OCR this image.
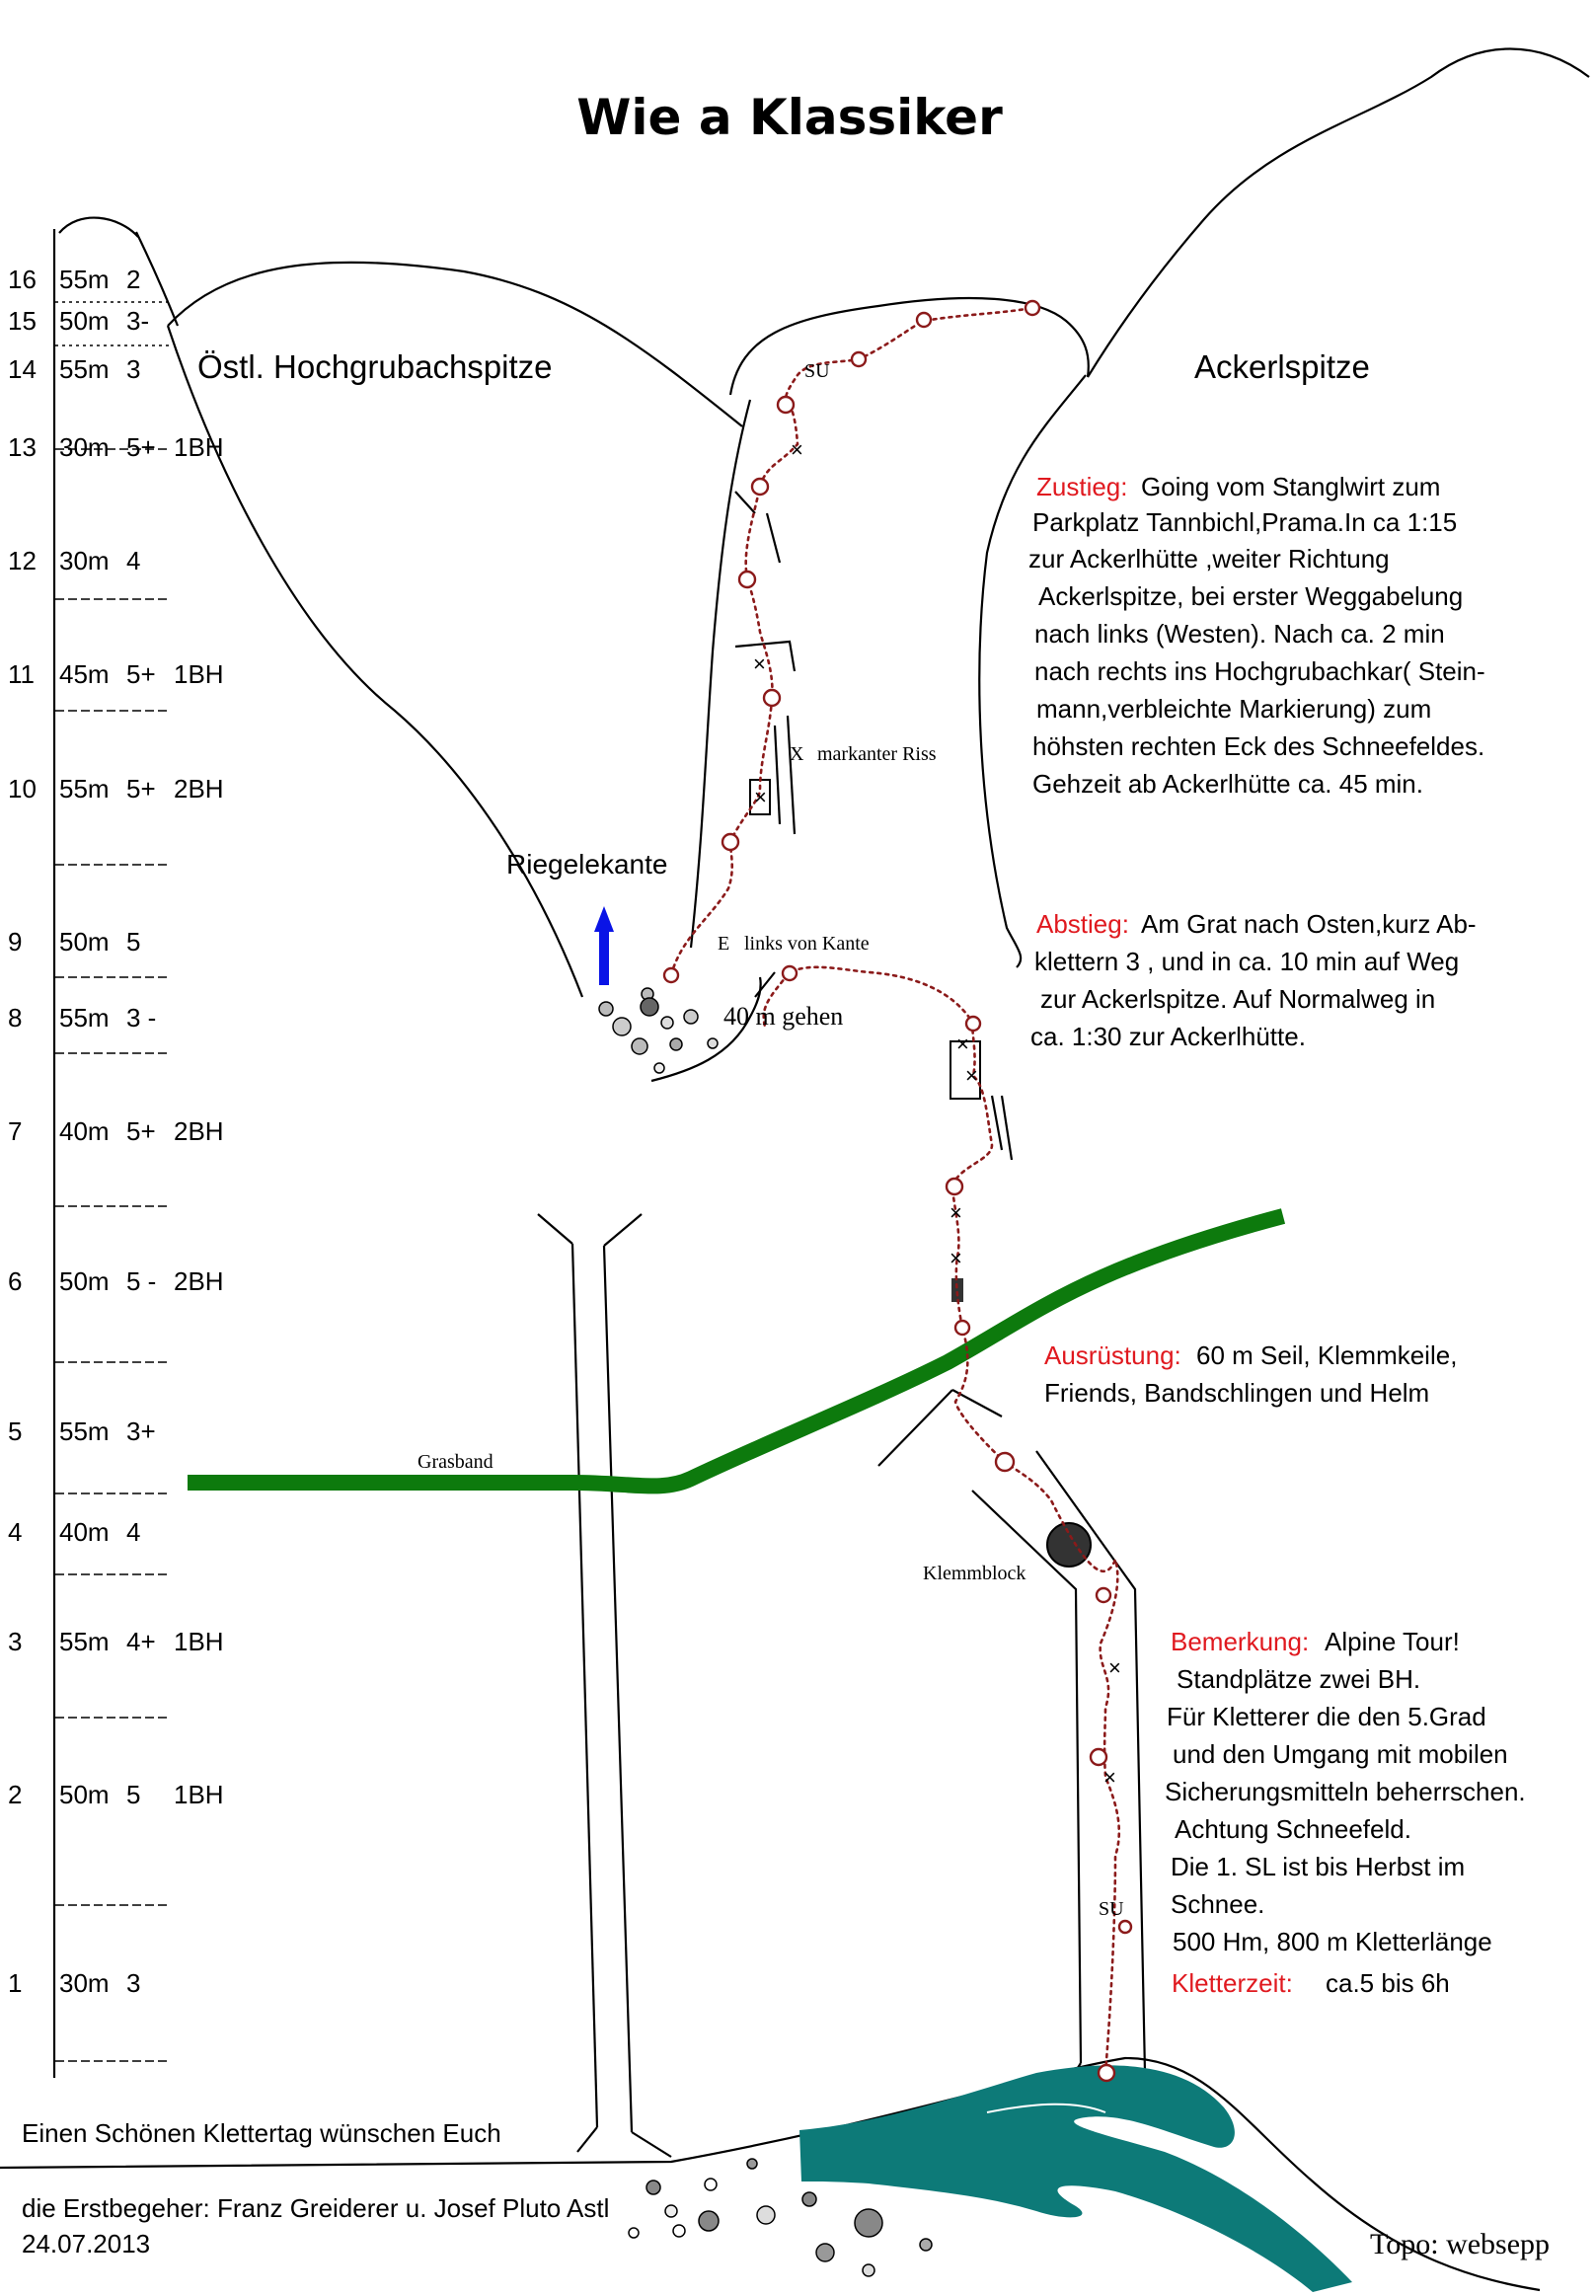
Wie a Klassiker
×
×
×
×
×
×
×
×
×
SU
X markanter Riss
Riegelekante
E links von Kante
40 m gehen
Grasband
Klemmblock
SU
Östl. Hochgrubachspitze	Ackerlspitze
16 55m 2
15 50m 3-
14 55m 3
13 30m 5+ 1BH
12 30m 4
11 45m 5+ 1BH
10 55m 5+ 2BH
9 50m 5
8 55m 3 -
7 40m 5+ 2BH
6 50m 5 - 2BH
5 55m 3+
4 40m 4
3 55m 4+ 1BH
2 50m 5 1BH
1 30m 3
Zustieg:
Abstieg:
Ausrüstung:
Bemerkung:
Kletterzeit: ca.5 bis 6h
Going vom Stanglwirt zum
Parkplatz Tannbichl,Prama.In ca 1:15
zur Ackerlhütte ,weiter Richtung
Ackerlspitze, bei erster Weggabelung
nach links (Westen). Nach ca. 2 min
nach rechts ins Hochgrubachkar( Stein-
mann,verbleichte Markierung) zum
höhsten rechten Eck des Schneefeldes.
Gehzeit ab Ackerlhütte ca. 45 min.
Am Grat nach Osten,kurz Ab-
klettern 3 , und in ca. 10 min auf Weg
zur Ackerlspitze. Auf Normalweg in
ca. 1:30 zur Ackerlhütte.
60 m Seil, Klemmkeile,
Friends, Bandschlingen und Helm
Alpine Tour!
Standplätze zwei BH.
Für Kletterer die den 5.Grad
und den Umgang mit mobilen
Sicherungsmitteln beherrschen.
Achtung Schneefeld.
Die 1. SL ist bis Herbst im
Schnee.
500 Hm, 800 m Kletterlänge
Einen Schönen Klettertag wünschen Euch
die Erstbegeher: Franz Greiderer u. Josef Pluto Astl
24.07.2013	Topo: websepp
